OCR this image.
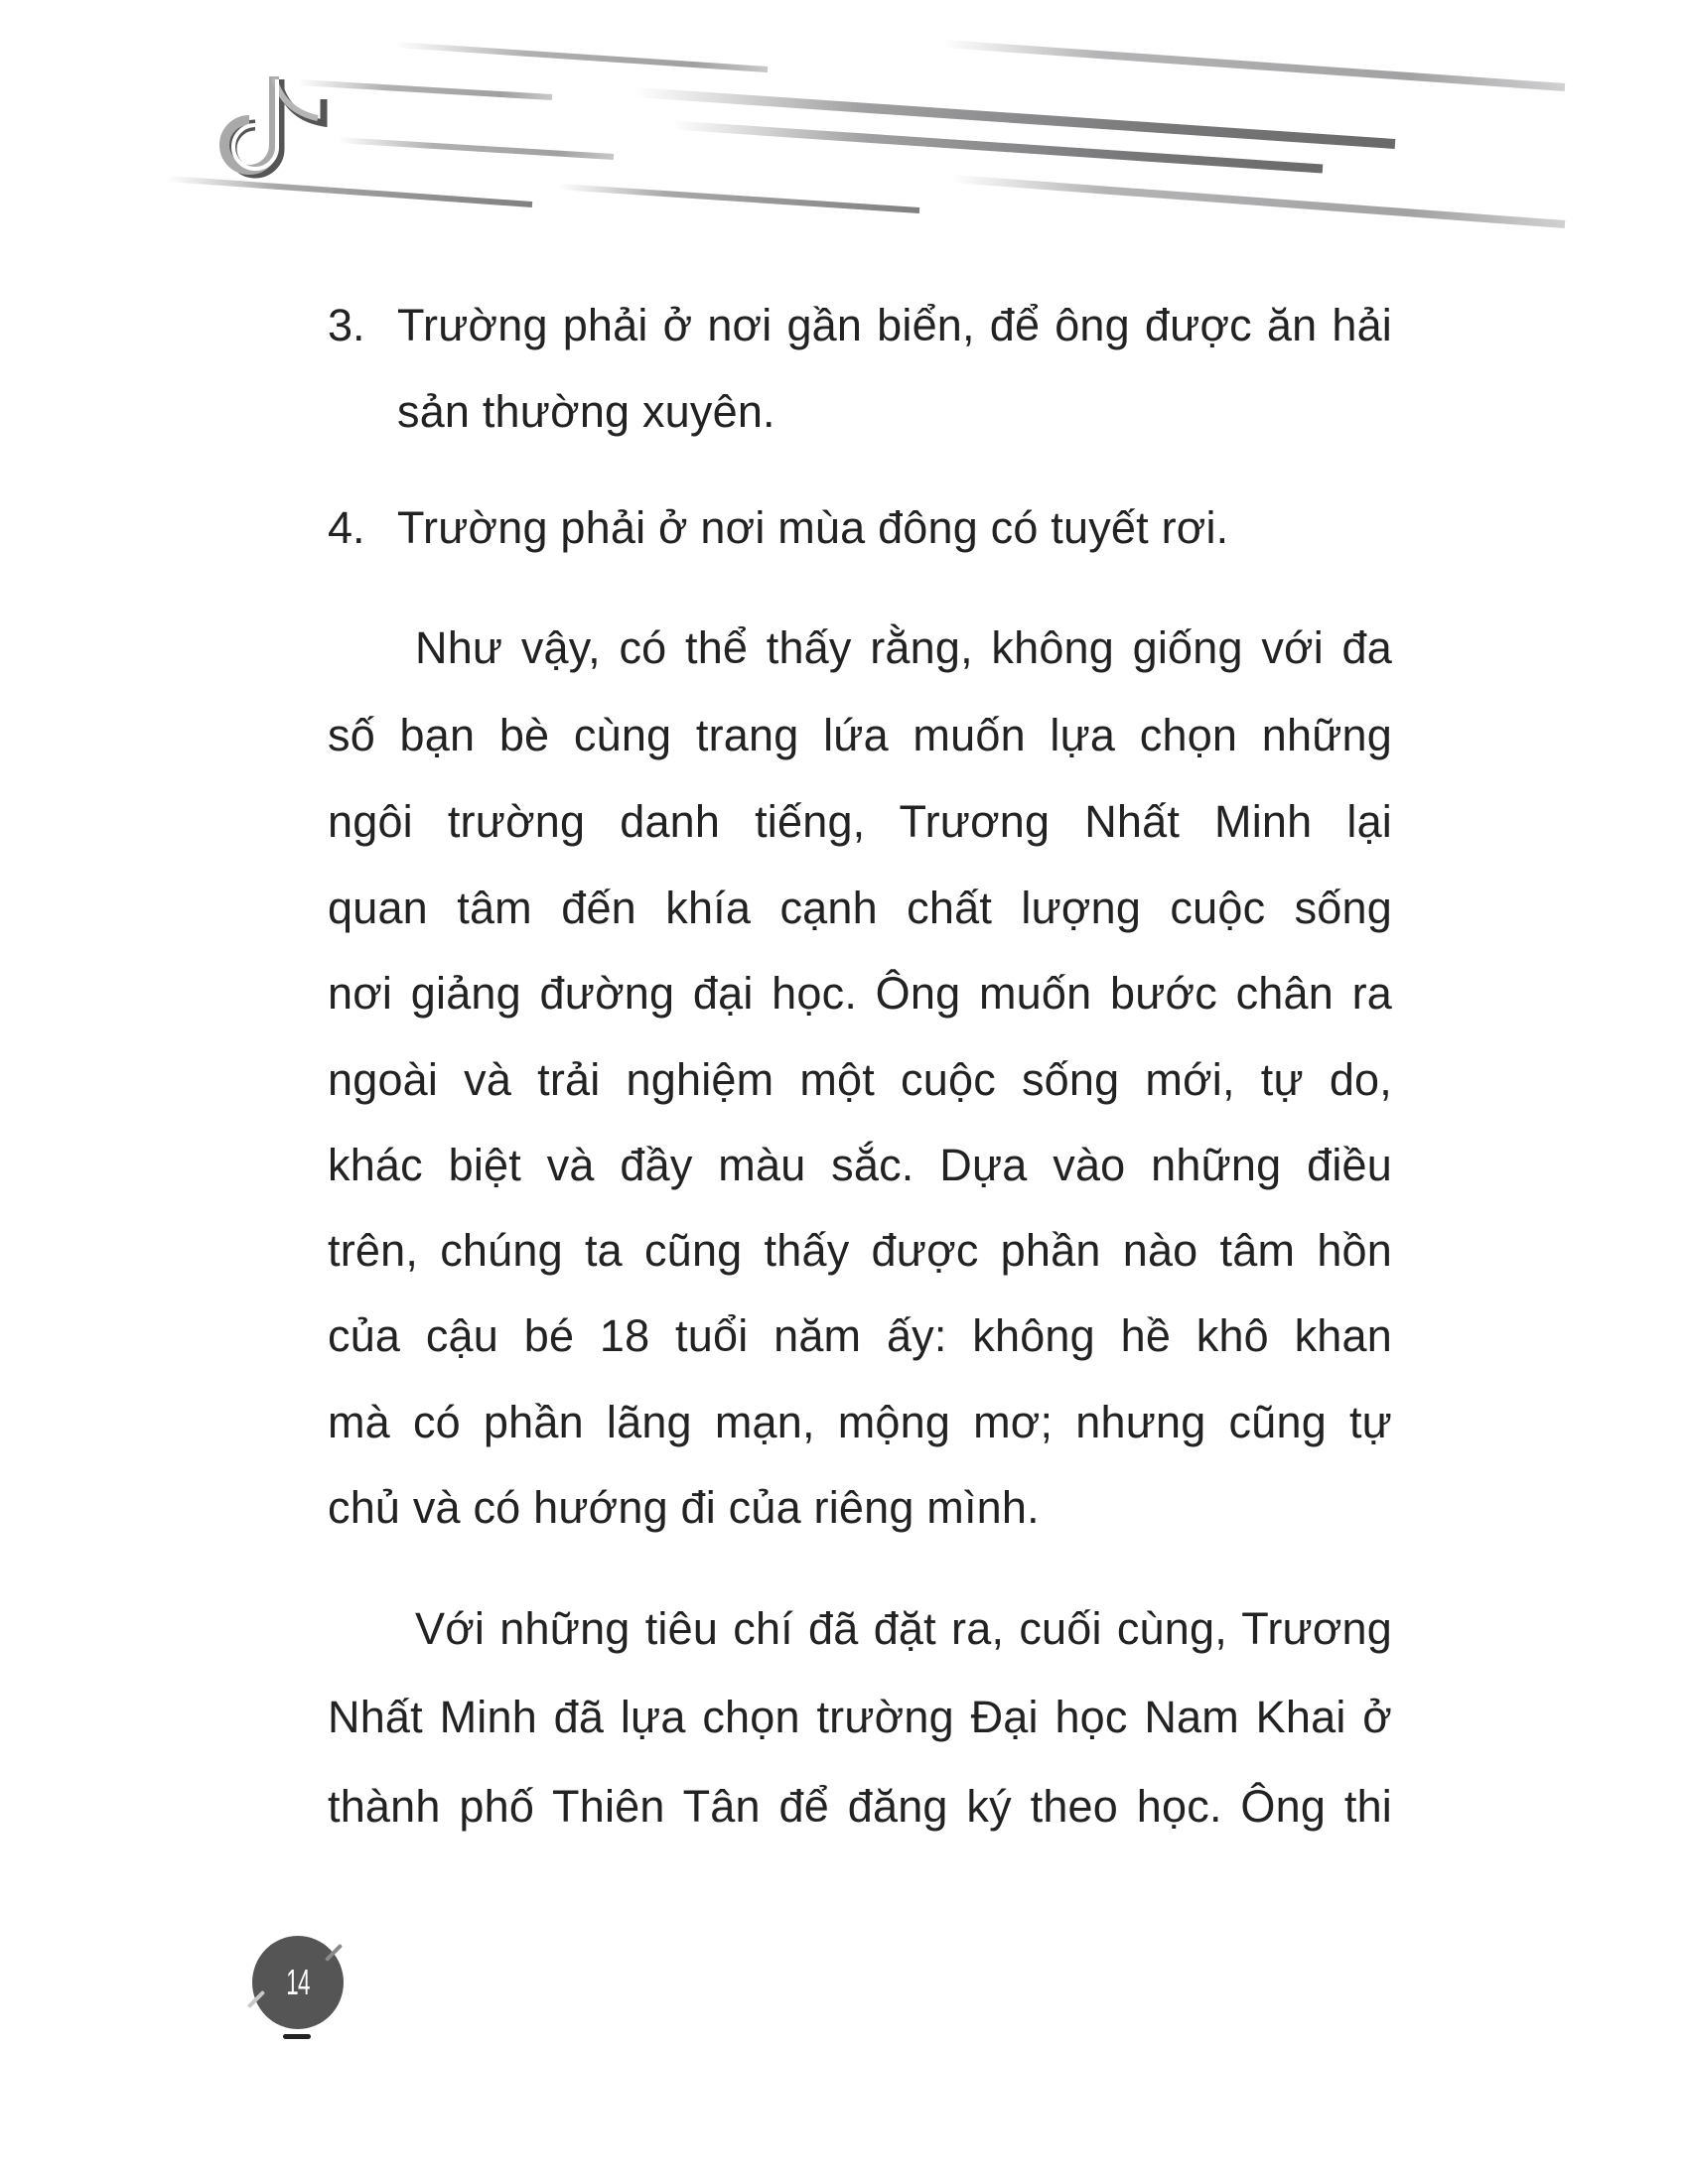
3. Trường phải ở nơi gần biển, để ông được ăn hải
sản thường xuyên.
4. Trường phải ở nơi mùa đông có tuyết rơi.
Như vậy, có thể thấy rằng, không giống với đa
số bạn bè cùng trang lứa muốn lựa chọn những
ngôi trường danh tiếng, Trương Nhất Minh lại
quan tâm đến khía cạnh chất lượng cuộc sống
nơi giảng đường đại học. Ông muốn bước chân ra
ngoài và trải nghiệm một cuộc sống mới, tự do,
khác biệt và đầy màu sắc. Dựa vào những điều
trên, chúng ta cũng thấy được phần nào tâm hồn
của cậu bé 18 tuổi năm ấy: không hề khô khan
mà có phần lãng mạn, mộng mơ; nhưng cũng tự
chủ và có hướng đi của riêng mình.
Với những tiêu chí đã đặt ra, cuối cùng, Trương
Nhất Minh đã lựa chọn trường Đại học Nam Khai ở
thành phố Thiên Tân để đăng ký theo học. Ông thi
14
